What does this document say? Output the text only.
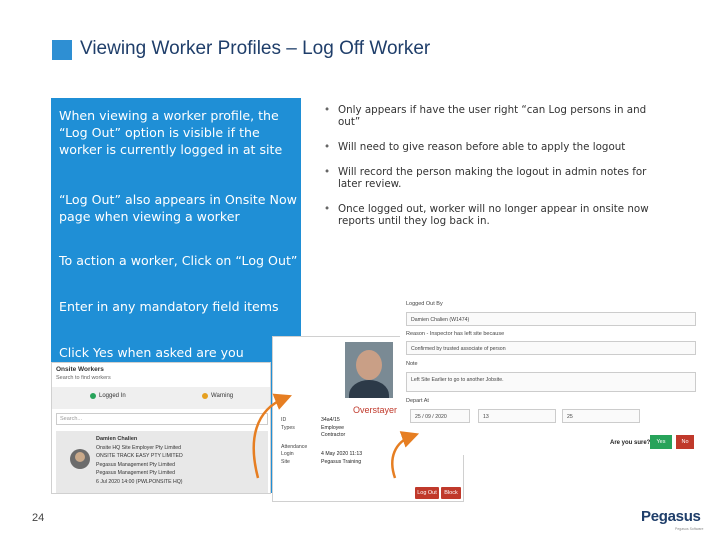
Viewing Worker Profiles – Log Off Worker
When viewing a worker profile, the “Log Out” option is visible if the worker is currently logged in at site
“Log Out” also appears in Onsite Now page when viewing a worker
To action a worker, Click on “Log Out”
Enter in any mandatory field items
Click Yes when asked are you
• Only appears if have the user right “can Log persons in and out”
• Will need to give reason before able to apply the logout
• Will record the person making the logout in admin notes for later review.
• Once logged out, worker will no longer appear in onsite now reports until they log back in.
Onsite Workers
Search to find workers
Logged In	Warning
Search...
Damien Chalien
Onsite HQ Site Employer Pty Limited
ONSITE TRACK EASY PTY LIMITED
Pegasus Management Pty Limited
Pegasus Management Pty Limited
6 Jul 2020 14:00 (PWLPONSITE HQ)
Overstayer
ID	34a4/15
Types	Employee
Contractor
Attendance
Login	4 May 2020 11:13
Site	Pegasus Training
Log Out	Block
Logged Out By
Damien Chalien (W1474)
Reason - Inspector has left site because
Confirmed by trusted associate of person
Note
Left Site Earlier to go to another Jobsite.
Depart At
25 / 09 / 2020	13	25
Are you sure?	Yes	No
24	Pegasus
Pegasus Software
